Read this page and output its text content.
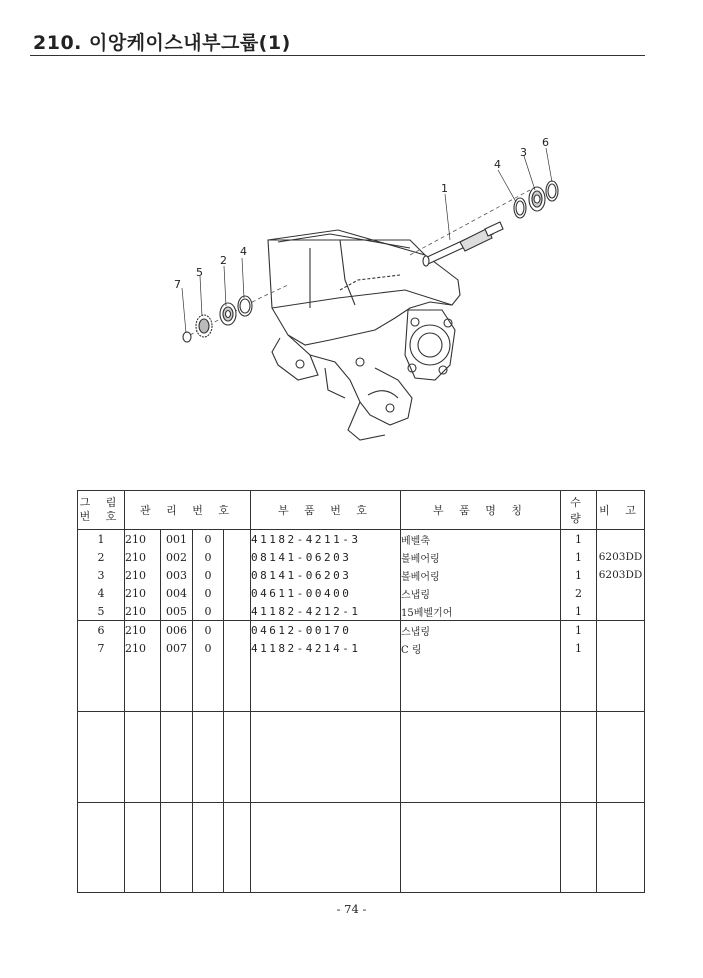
210. 이앙케이스내부그룹(1)
1
2
3
4
5
6
7
4
그 림
번 호	관 리 번 호				부 품 번 호	부 품 명 칭	수 량	비 고
1	210	001	0		41182-4211-3	베벨축	1	
2	210	002	0		08141-06203	볼베어링	1	6203DD
3	210	003	0		08141-06203	볼베어링	1	6203DD
4	210	004	0		04611-00400	스냅링	2	
5	210	005	0		41182-4212-1	15베벨기어	1	
6	210	006	0		04612-00170	스냅링	1	
7	210	007	0		41182-4214-1	C 링	1	

- 74 -
